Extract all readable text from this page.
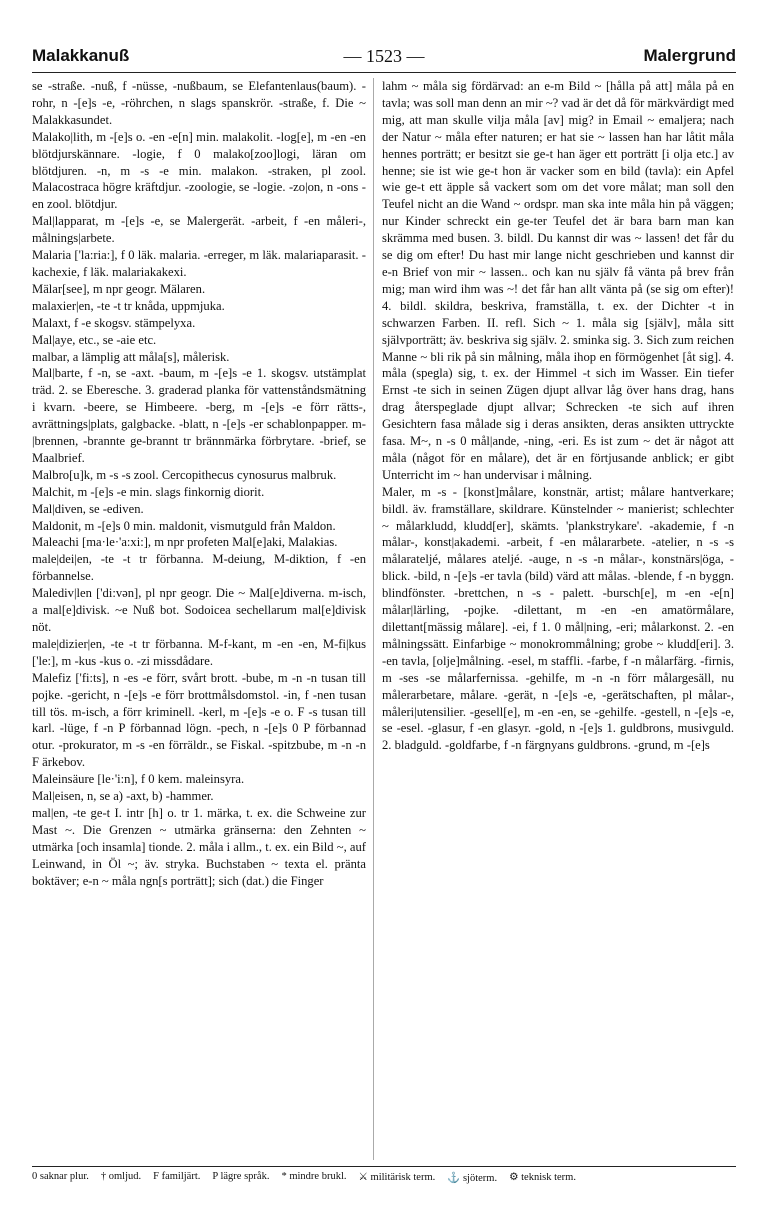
Malakkanuß	— 1523 —	Malergrund

se -straße. -nuß, f -nüsse, -nußbaum, se Elefantenlaus(baum). -rohr, n -[e]s -e, -röhrchen, n slags spanskrör. -straße, f. Die ~ Malakkasundet.

Malako|lith, m -[e]s o. -en -e[n] min. malakolit. -log[e], m -en -en blötdjurskännare. -logie, f 0 malako[zoo]logi, läran om blötdjuren. -n, m -s -e min. malakon. -straken, pl zool. Malacostraca högre kräftdjur. -zoologie, se -logie. -zo|on, n -ons -en zool. blötdjur.

Mal|lapparat, m -[e]s -e, se Malergerät. -arbeit, f -en måleri-, målnings|arbete.

Malaria ['la:ria:], f 0 läk. malaria. -erreger, m läk. malariaparasit. -kachexie, f läk. malariakakexi.

Mälar[see], m npr geogr. Mälaren.

malaxier|en, -te -t tr knåda, uppmjuka.

Malaxt, f -e skogsv. stämpelyxa.

Mal|aye, etc., se -aie etc.

malbar, a lämplig att måla[s], målerisk.

Mal|barte, f -n, se -axt. -baum, m -[e]s -e 1. skogsv. utstämplat träd. 2. se Eberesche. 3. graderad planka för vattenståndsmätning i kvarn. -beere, se Himbeere. -berg, m -[e]s -e förr rätts-, avrättnings|plats, galgbacke. -blatt, n -[e]s -er schablonpapper. m-|brennen, -brannte ge-brannt tr brännmärka förbrytare. -brief, se Maalbrief.

Malbro[u]k, m -s -s zool. Cercopithecus cynosurus malbruk.

Malchit, m -[e]s -e min. slags finkornig diorit.

Mal|diven, se -ediven.

Maldonit, m -[e]s 0 min. maldonit, vismutguld från Maldon.

Maleachi [ma·le·'a:xi:], m npr profeten Mal[e]aki, Malakias.

male|dei|en, -te -t tr förbanna. M-deiung, M-diktion, f -en förbannelse.

Malediv|len ['di:vən], pl npr geogr. Die ~ Mal[e]diverna. m-isch, a mal[e]divisk. ~e Nuß bot. Sodoicea sechellarum mal[e]divisk nöt.

male|dizier|en, -te -t tr förbanna. M-f-kant, m -en -en, M-fi|kus ['le:], m -kus -kus o. -zi missdådare.

Malefiz ['fi:ts], n -es -e förr, svårt brott. -bube, m -n -n tusan till pojke. -gericht, n -[e]s -e förr brottmålsdomstol. -in, f -nen tusan till tös. m-isch, a förr kriminell. -kerl, m -[e]s -e o. F -s tusan till karl. -lüge, f -n P förbannad lögn. -pech, n -[e]s 0 P förbannad otur. -prokurator, m -s -en förräldr., se Fiskal. -spitzbube, m -n -n F ärkebov.

Maleinsäure [le·'i:n], f 0 kem. maleinsyra.

Mal|eisen, n, se a) -axt, b) -hammer.

mal|en, -te ge-t I. intr [h] o. tr 1. märka, t. ex. die Schweine zur Mast ~. Die Grenzen ~ utmärka gränserna: den Zehnten ~ utmärka [och insamla] tionde. 2. måla i allm., t. ex. ein Bild ~, auf Leinwand, in Öl ~; äv. stryka. Buchstaben ~ texta el. pränta boktäver; e-n ~ måla ngn[s porträtt]; sich (dat.) die Finger

lahm ~ måla sig fördärvad: an e-m Bild ~ [hålla på att] måla på en tavla; was soll man denn an mir ~? vad är det då för märkvärdigt med mig, att man skulle vilja måla [av] mig? in Email ~ emaljera; nach der Natur ~ måla efter naturen; er hat sie ~ lassen han har låtit måla hennes porträtt; er besitzt sie ge-t han äger ett porträtt [i olja etc.] av henne; sie ist wie ge-t hon är vacker som en bild (tavla): ein Apfel wie ge-t ett äpple så vackert som om det vore målat; man soll den Teufel nicht an die Wand ~ ordspr. man ska inte måla hin på väggen; nur Kinder schreckt ein ge-ter Teufel det är bara barn man kan skrämma med busen. 3. bildl. Du kannst dir was ~ lassen! det får du se dig om efter! Du hast mir lange nicht geschrieben und kannst dir e-n Brief von mir ~ lassen.. och kan nu själv få vänta på brev från mig; man wird ihm was ~! det får han allt vänta på (se sig om efter)! 4. bildl. skildra, beskriva, framställa, t. ex. der Dichter -t in schwarzen Farben. II. refl. Sich ~ 1. måla sig [själv], måla sitt självporträtt; äv. beskriva sig själv. 2. sminka sig. 3. Sich zum reichen Manne ~ bli rik på sin målning, måla ihop en förmögenhet [åt sig]. 4. måla (spegla) sig, t. ex. der Himmel -t sich im Wasser. Ein tiefer Ernst -te sich in seinen Zügen djupt allvar låg över hans drag, hans drag återspeglade djupt allvar; Schrecken -te sich auf ihren Gesichtern fasa målade sig i deras ansikten, deras ansikten uttryckte fasa. M~, n -s 0 mål|ande, -ning, -eri. Es ist zum ~ det är något att måla (något för en målare), det är en förtjusande anblick; er gibt Unterricht im ~ han undervisar i målning.

Maler, m -s - [konst]målare, konstnär, artist; målare hantverkare; bildl. äv. framställare, skildrare. Künstelnder ~ manierist; schlechter ~ målarkludd, kludd[er], skämts. 'plankstrykare'. -akademie, f -n målar-, konst|akademi. -arbeit, f -en målararbete. -atelier, n -s -s målarateljé, målares ateljé. -auge, n -s -n målar-, konstnärs|öga, -blick. -bild, n -[e]s -er tavla (bild) värd att målas. -blende, f -n byggn. blindfönster. -brettchen, n -s - palett. -bursch[e], m -en -e[n] målar|lärling, -pojke. -dilettant, m -en -en amatörmålare, dilettant[mässig målare]. -ei, f 1. 0 mål|ning, -eri; målarkonst. 2. -en målningssätt. Einfarbige ~ monokrommålning; grobe ~ kludd[eri]. 3. -en tavla, [olje]målning. -esel, m staffli. -farbe, f -n målarfärg. -firnis, m -ses -se målarfernissa. -gehilfe, m -n -n förr målargesäll, nu målerarbetare, målare. -gerät, n -[e]s -e, -gerätschaften, pl målar-, måleri|utensilier. -gesell[e], m -en -en, se -gehilfe. -gestell, n -[e]s -e, se -esel. -glasur, f -en glasyr. -gold, n -[e]s 1. guldbrons, musivguld. 2. bladguld. -goldfarbe, f -n färgnyans guldbrons. -grund, m -[e]s

0 saknar plur. † omljud. F familjärt. P lägre språk. * mindre brukl. ⚔ militärisk term. ⚓ sjöterm. ⚙ teknisk term.
